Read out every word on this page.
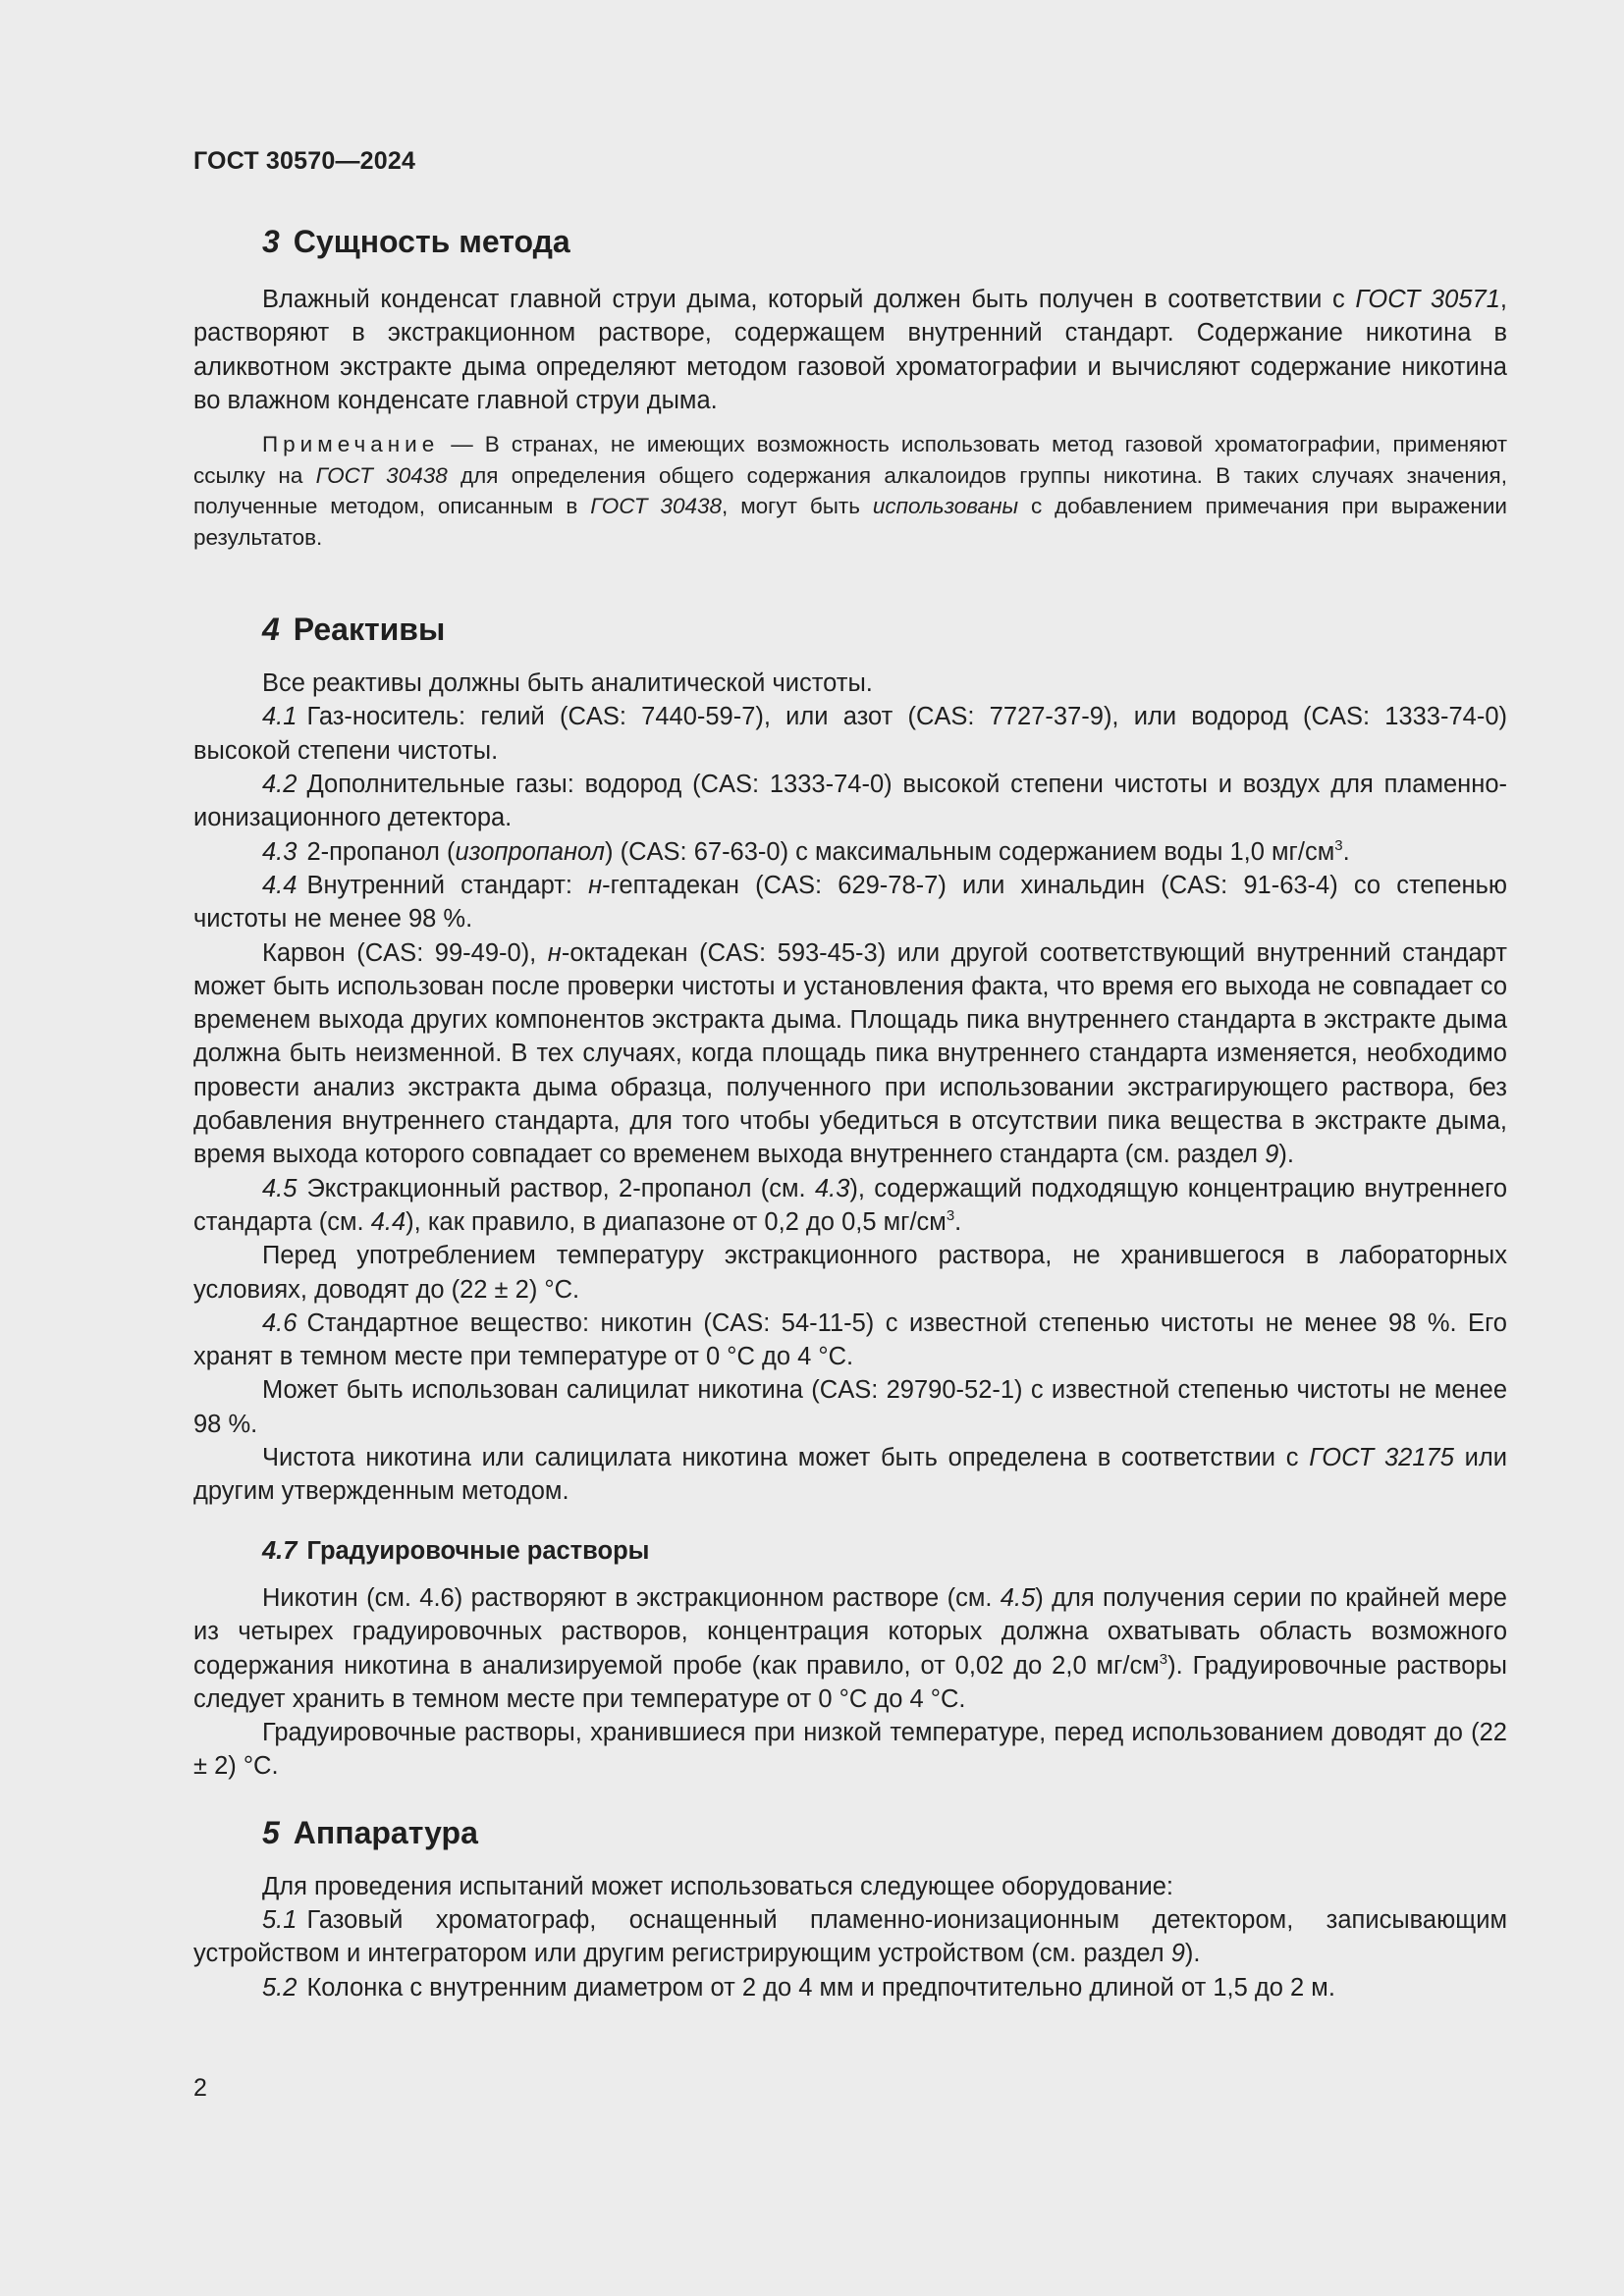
ГОСТ 30570—2024
3 Сущность метода

Влажный конденсат главной струи дыма, который должен быть получен в соответствии с ГОСТ 30571, растворяют в экстракционном растворе, содержащем внутренний стандарт. Содержание никотина в аликвотном экстракте дыма определяют методом газовой хроматографии и вычисляют содержание никотина во влажном конденсате главной струи дыма.

Примечание — В странах, не имеющих возможность использовать метод газовой хроматографии, применяют ссылку на ГОСТ 30438 для определения общего содержания алкалоидов группы никотина. В таких случаях значения, полученные методом, описанным в ГОСТ 30438, могут быть использованы с добавлением примечания при выражении результатов.

4 Реактивы

Все реактивы должны быть аналитической чистоты.

4.1 Газ-носитель: гелий (CAS: 7440-59-7), или азот (CAS: 7727-37-9), или водород (CAS: 1333-74-0) высокой степени чистоты.

4.2 Дополнительные газы: водород (CAS: 1333-74-0) высокой степени чистоты и воздух для пламенно-ионизационного детектора.

4.3 2-пропанол (изопропанол) (CAS: 67-63-0) с максимальным содержанием воды 1,0 $мг/см^3$.

4.4 Внутренний стандарт: н-гептадекан (CAS: 629-78-7) или хинальдин (CAS: 91-63-4) со степенью чистоты не менее 98 %.

Карвон (CAS: 99-49-0), н-октадекан (CAS: 593-45-3) или другой соответствующий внутренний стандарт может быть использован после проверки чистоты и установления факта, что время его выхода не совпадает со временем выхода других компонентов экстракта дыма. Площадь пика внутреннего стандарта в экстракте дыма должна быть неизменной. В тех случаях, когда площадь пика внутреннего стандарта изменяется, необходимо провести анализ экстракта дыма образца, полученного при использовании экстрагирующего раствора, без добавления внутреннего стандарта, для того чтобы убедиться в отсутствии пика вещества в экстракте дыма, время выхода которого совпадает со временем выхода внутреннего стандарта (см. раздел 9).

4.5 Экстракционный раствор, 2-пропанол (см. 4.3), содержащий подходящую концентрацию внутреннего стандарта (см. 4.4), как правило, в диапазоне от 0,2 до 0,5 $мг/см^3$.

Перед употреблением температуру экстракционного раствора, не хранившегося в лабораторных условиях, доводят до (22 ± 2) °С.

4.6 Стандартное вещество: никотин (CAS: 54-11-5) с известной степенью чистоты не менее 98 %. Его хранят в темном месте при температуре от 0 °С до 4 °С.

Может быть использован салицилат никотина (CAS: 29790-52-1) с известной степенью чистоты не менее 98 %.

Чистота никотина или салицилата никотина может быть определена в соответствии с ГОСТ 32175 или другим утвержденным методом.

4.7 Градуировочные растворы

Никотин (см. 4.6) растворяют в экстракционном растворе (см. 4.5) для получения серии по крайней мере из четырех градуировочных растворов, концентрация которых должна охватывать область возможного содержания никотина в анализируемой пробе (как правило, от 0,02 до 2,0 $мг/см^3$). Градуировочные растворы следует хранить в темном месте при температуре от 0 °С до 4 °С.

Градуировочные растворы, хранившиеся при низкой температуре, перед использованием доводят до (22 ± 2) °С.

5 Аппаратура

Для проведения испытаний может использоваться следующее оборудование:

5.1 Газовый хроматограф, оснащенный пламенно-ионизационным детектором, записывающим устройством и интегратором или другим регистрирующим устройством (см. раздел 9).

5.2 Колонка с внутренним диаметром от 2 до 4 мм и предпочтительно длиной от 1,5 до 2 м.

2
